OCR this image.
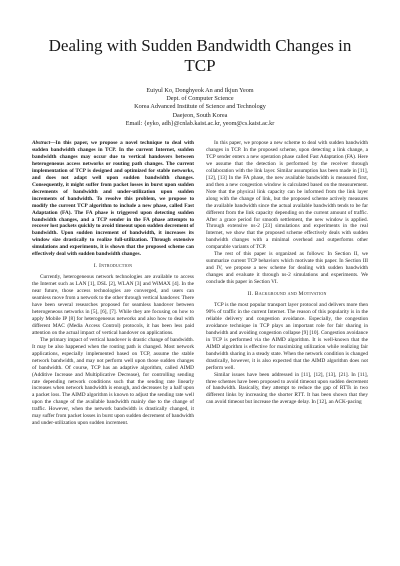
Dealing with Sudden Bandwidth Changes in TCP
Euiyul Ko, Donghyeok An and Ikjun Yeom
Dept. of Computer Science
Korea Advanced Institute of Science and Technology
Daejeon, South Korea
Email: {eyko, adh}@cnlab.kaist.ac.kr, yeom@cs.kaist.ac.kr

Abstract—In this paper, we propose a novel technique to deal with sudden bandwidth changes in TCP. In the current Internet, sudden bandwidth changes may occur due to vertical handovers between heterogeneous access networks or routing path changes. The current implementation of TCP is designed and optimized for stable networks, and does not adapt well upon sudden bandwidth changes. Consequently, it might suffer from packet losses in burst upon sudden decrements of bandwidth and under-utilization upon sudden increments of bandwidth. To resolve this problem, we propose to modify the current TCP algorithm to include a new phase, called Fast Adaptation (FA). The FA phase is triggered upon detecting sudden bandwidth changes, and a TCP sender in the FA phase attempts to recover lost packets quickly to avoid timeout upon sudden decrement of bandwidth. Upon sudden increment of bandwidth, it increases its window size drastically to realize full-utilization. Through extensive simulations and experiments, it is shown that the proposed scheme can effectively deal with sudden bandwidth changes.

I. Introduction

Currently, heterogeneous network technologies are available to access the Internet such as LAN [1], DSL [2], WLAN [3] and WiMAX [4]. In the near future, those access technologies are converged, and users can seamless move from a network to the other through vertical handover. There have been several researches proposed for seamless handover between heterogeneous networks in [5], [6], [7]. While they are focusing on how to apply Mobile IP [8] for heterogeneous networks and also how to deal with different MAC (Media Access Control) protocols, it has been less paid attention on the actual impact of vertical handover on applications.

The primary impact of vertical handover is drastic change of bandwidth. It may be also happened when the routing path is changed. Most network applications, especially implemented based on TCP, assume the stable network bandwidth, and may not perform well upon those sudden changes of bandwidth. Of course, TCP has an adaptive algorithm, called AIMD (Additive Increase and Multiplicative Decrease), for controlling sending rate depending network conditions such that the sending rate linearly increases when network bandwidth is enough, and decreases by a half upon a packet loss. The AIMD algorithm is known to adjust the sending rate well upon the change of the available bandwidth mainly due to the change of traffic. However, when the network bandwidth is drastically changed, it may suffer from packet losses in burst upon sudden decrement of bandwidth and under-utilization upon sudden increment.

In this paper, we propose a new scheme to deal with sudden bandwidth changes in TCP. In the proposed scheme, upon detecting a link change, a TCP sender enters a new operation phase called Fast Adaptation (FA). Here we assume that the detection is performed by the receiver through collaboration with the link layer. Similar assumption has been made in [11], [12], [13] In the FA phase, the new available bandwidth is measured first, and then a new congestion window is calculated based on the measurement. Note that the physical link capacity can be informed from the link layer along with the change of link, but the proposed scheme actively measures the available bandwidth since the actual available bandwidth tends to be far different from the link capacity depending on the current amount of traffic. After a grace period for smooth settlement, the new window is applied. Through extensive ns-2 [23] simulations and experiments in the real Internet, we show that the proposed scheme effectively deals with sudden bandwidth changes with a minimal overhead and outperforms other comparable variants of TCP.

The rest of this paper is organized as follows: In Section II, we summarize current TCP behaviors which motivate this paper. In Section III and IV, we propose a new scheme for dealing with sudden bandwidth changes and evaluate it through ns-2 simulations and experiments. We conclude this paper in Section VI.

II. Background and Motivation

TCP is the most popular transport layer protocol and delivers more then 90% of traffic in the current Internet. The reason of this popularity is in the reliable delivery and congestion avoidance. Especially, the congestion avoidance technique in TCP plays an important role for fair sharing in bandwidth and avoiding congestion collapse [9] [10]. Congestion avoidance in TCP is performed via the AIMD algorithm. It is well-known that the AIMD algorithm is effective for maximizing utilization while realizing fair bandwidth sharing in a steady state. When the network condition is changed drastically, however, it is also expected that the AIMD algorithm does not perform well.

Similar issues have been addressed in [11], [12], [13], [21]. In [11], three schemes have been proposed to avoid timeout upon sudden decrement of bandwidth. Basically, they attempt to reduce the gap of RTTs in two different links by increasing the shorter RTT. It has been shown that they can avoid timeout but increase the average delay. In [12], an ACK-pacing
